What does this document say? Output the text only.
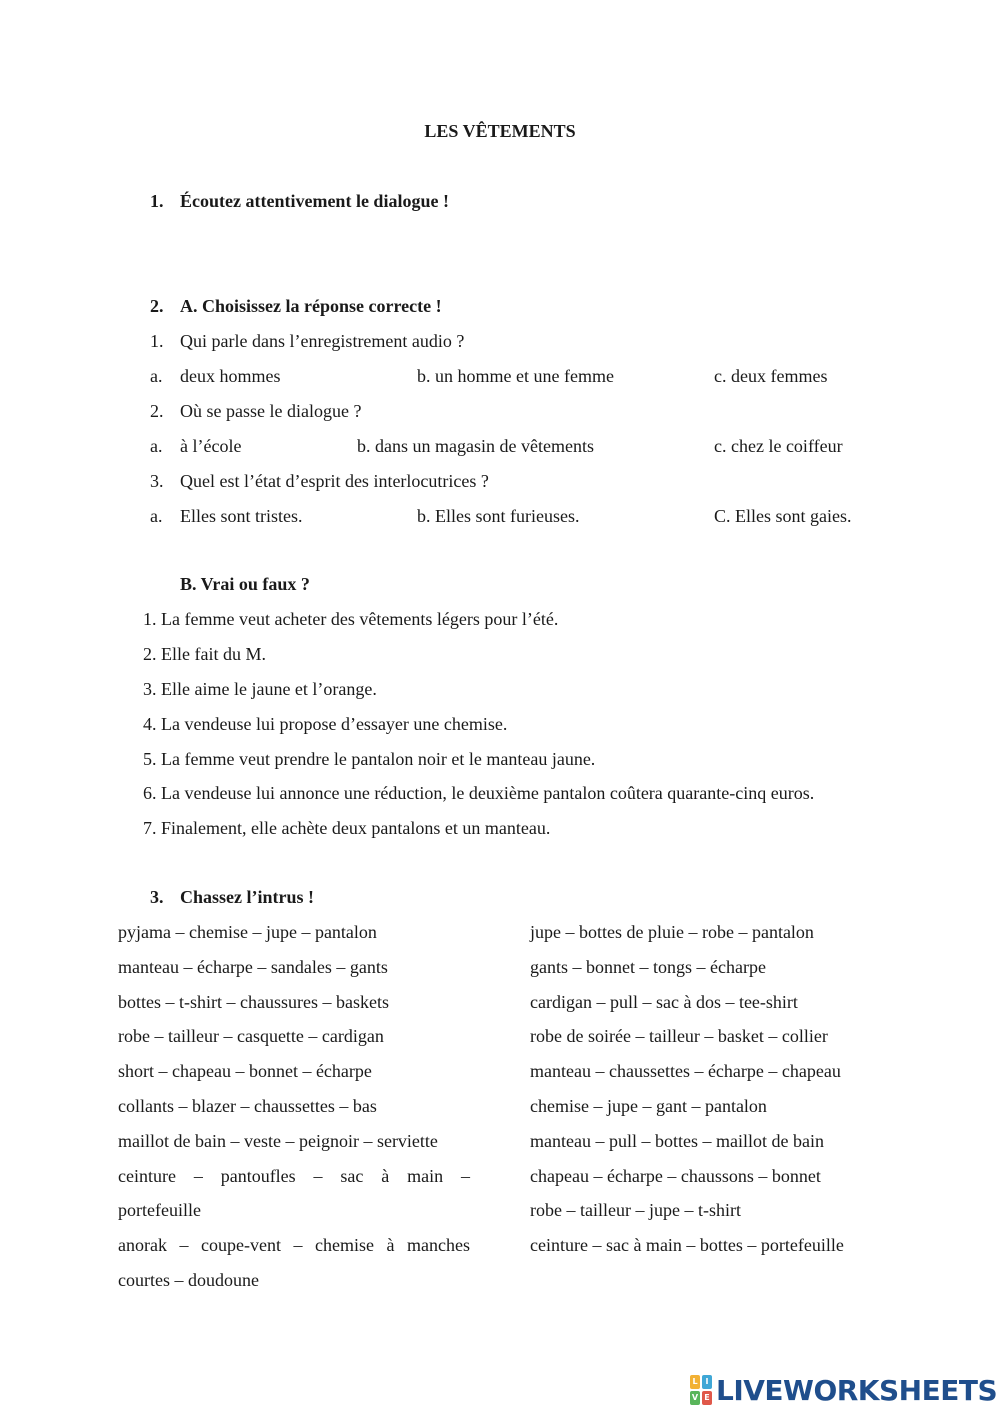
LES VÊTEMENTS
1. Écoutez attentivement le dialogue !
2. A. Choisissez la réponse correcte !
1. Qui parle dans l’enregistrement audio ?
a. deux hommes	b. un homme et une femme	c. deux femmes
2. Où se passe le dialogue ?
a. à l’école	b. dans un magasin de vêtements	c. chez le coiffeur
3. Quel est l’état d’esprit des interlocutrices ?
a. Elles sont tristes.	b. Elles sont furieuses.	C. Elles sont gaies.
B. Vrai ou faux ?
1. La femme veut acheter des vêtements légers pour l’été.
2. Elle fait du M.
3. Elle aime le jaune et l’orange.
4. La vendeuse lui propose d’essayer une chemise.
5. La femme veut prendre le pantalon noir et le manteau jaune.
6. La vendeuse lui annonce une réduction, le deuxième pantalon coûtera quarante-cinq euros.
7. Finalement, elle achète deux pantalons et un manteau.
3. Chassez l’intrus !
pyjama – chemise – jupe – pantalon
manteau – écharpe – sandales – gants
bottes – t-shirt – chaussures – baskets
robe – tailleur – casquette – cardigan
short – chapeau – bonnet – écharpe
collants – blazer – chaussettes – bas
maillot de bain – veste – peignoir – serviette
ceinture – pantoufles – sac à main –
portefeuille
anorak – coupe-vent – chemise à manches
courtes – doudoune
jupe – bottes de pluie – robe – pantalon
gants – bonnet – tongs – écharpe
cardigan – pull – sac à dos – tee-shirt
robe de soirée – tailleur – basket – collier
manteau – chaussettes – écharpe – chapeau
chemise – jupe – gant – pantalon
manteau – pull – bottes – maillot de bain
chapeau – écharpe – chaussons – bonnet
robe – tailleur – jupe – t-shirt
ceinture – sac à main – bottes – portefeuille
L I
V E LIVEWORKSHEETS
